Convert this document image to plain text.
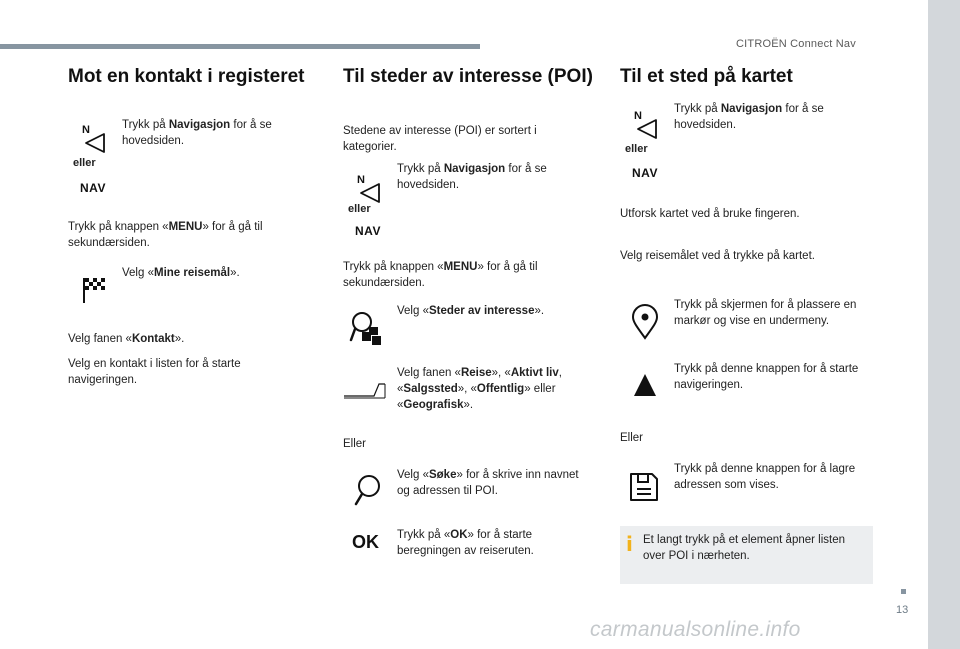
CITROËN Connect Nav
13
carmanualsonline.info
Mot en kontakt i registeret
N
eller
NAV
Trykk på Navigasjon for å se hovedsiden.
Trykk på knappen «MENU» for å gå til sekundærsiden.
Velg «Mine reisemål».
Velg fanen «Kontakt».
Velg en kontakt i listen for å starte navigeringen.
Til steder av interesse (POI)
Stedene av interesse (POI) er sortert i kategorier.
N
eller
NAV
Trykk på Navigasjon for å se hovedsiden.
Trykk på knappen «MENU» for å gå til sekundærsiden.
Velg «Steder av interesse».
Velg fanen «Reise», «Aktivt liv,
«Salgssted», «Offentlig» eller
«Geografisk».
Eller
Velg «Søke» for å skrive inn navnet og adressen til POI.
OK Trykk på «OK» for å starte beregningen av reiseruten.
Til et sted på kartet
N
eller
NAV
Trykk på Navigasjon for å se hovedsiden.
Utforsk kartet ved å bruke fingeren.
Velg reisemålet ved å trykke på kartet.
Trykk på skjermen for å plassere en markør og vise en undermeny.
Trykk på denne knappen for å starte navigeringen.
Eller
Trykk på denne knappen for å lagre adressen som vises.
i Et langt trykk på et element åpner listen over POI i nærheten.
